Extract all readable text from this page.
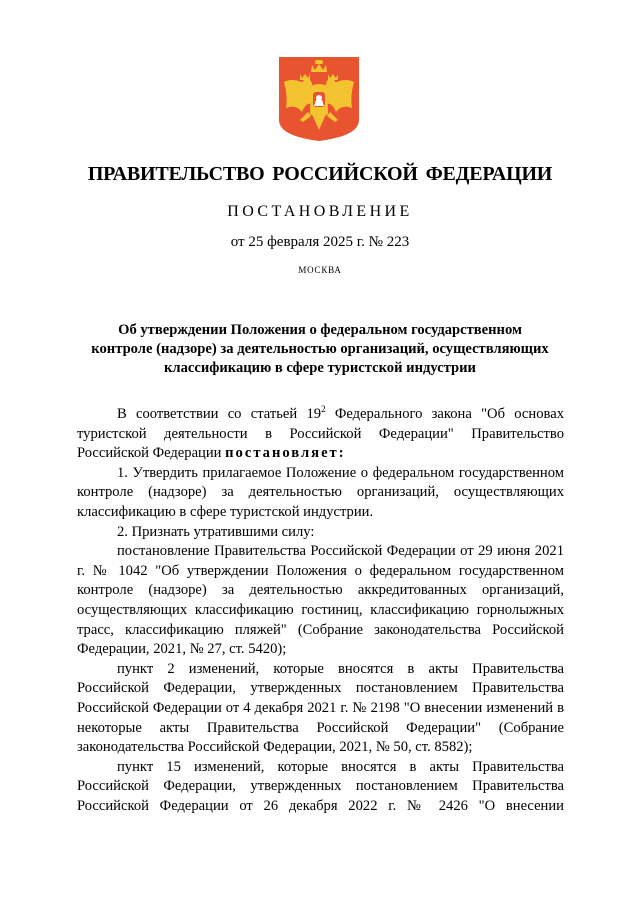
ПРАВИТЕЛЬСТВО РОССИЙСКОЙ ФЕДЕРАЦИИ
ПОСТАНОВЛЕНИЕ
от 25 февраля 2025 г. № 223
МОСКВА
Об утверждении Положения о федеральном государственном
контроле (надзоре) за деятельностью организаций, осуществляющих
классификацию в сфере туристской индустрии

В соответствии со статьей $19^2$ Федерального закона "Об основах туристской деятельности в Российской Федерации" Правительство Российской Федерации постановляет:

1. Утвердить прилагаемое Положение о федеральном государственном контроле (надзоре) за деятельностью организаций, осуществляющих классификацию в сфере туристской индустрии.

2. Признать утратившими силу:

постановление Правительства Российской Федерации от 29 июня 2021 г. № 1042 "Об утверждении Положения о федеральном государственном контроле (надзоре) за деятельностью аккредитованных организаций, осуществляющих классификацию гостиниц, классификацию горнолыжных трасс, классификацию пляжей" (Собрание законодательства Российской Федерации, 2021, № 27, ст. 5420);

пункт 2 изменений, которые вносятся в акты Правительства Российской Федерации, утвержденных постановлением Правительства Российской Федерации от 4 декабря 2021 г. № 2198 "О внесении изменений в некоторые акты Правительства Российской Федерации" (Собрание законодательства Российской Федерации, 2021, № 50, ст. 8582);

пункт 15 изменений, которые вносятся в акты Правительства Российской Федерации, утвержденных постановлением Правительства Российской Федерации от 26 декабря 2022 г. № 2426 "О внесении
